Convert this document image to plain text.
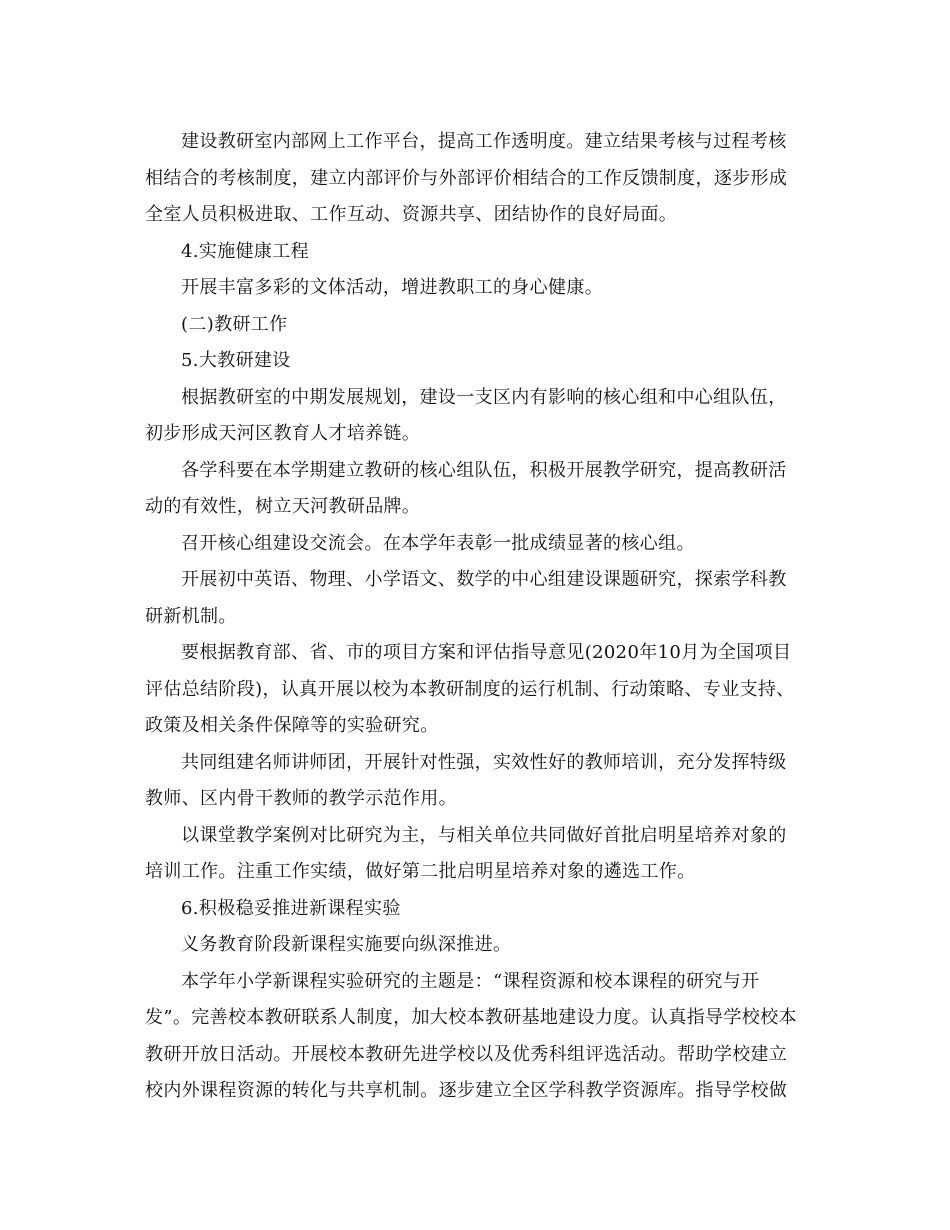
建设教研室内部网上工作平台，提高工作透明度。建立结果考核与过程考核
相结合的考核制度，建立内部评价与外部评价相结合的工作反馈制度，逐步形成
全室人员积极进取、工作互动、资源共享、团结协作的良好局面。
4.实施健康工程
开展丰富多彩的文体活动，增进教职工的身心健康。
(二)教研工作
5.大教研建设
根据教研室的中期发展规划，建设一支区内有影响的核心组和中心组队伍，
初步形成天河区教育人才培养链。
各学科要在本学期建立教研的核心组队伍，积极开展教学研究，提高教研活
动的有效性，树立天河教研品牌。
召开核心组建设交流会。在本学年表彰一批成绩显著的核心组。
开展初中英语、物理、小学语文、数学的中心组建设课题研究，探索学科教
研新机制。
要根据教育部、省、市的项目方案和评估指导意见(2020年10月为全国项目
评估总结阶段)，认真开展以校为本教研制度的运行机制、行动策略、专业支持、
政策及相关条件保障等的实验研究。
共同组建名师讲师团，开展针对性强，实效性好的教师培训，充分发挥特级
教师、区内骨干教师的教学示范作用。
以课堂教学案例对比研究为主，与相关单位共同做好首批启明星培养对象的
培训工作。注重工作实绩，做好第二批启明星培养对象的遴选工作。
6.积极稳妥推进新课程实验
义务教育阶段新课程实施要向纵深推进。
本学年小学新课程实验研究的主题是：“课程资源和校本课程的研究与开
发”。完善校本教研联系人制度，加大校本教研基地建设力度。认真指导学校校本
教研开放日活动。开展校本教研先进学校以及优秀科组评选活动。帮助学校建立
校内外课程资源的转化与共享机制。逐步建立全区学科教学资源库。指导学校做
